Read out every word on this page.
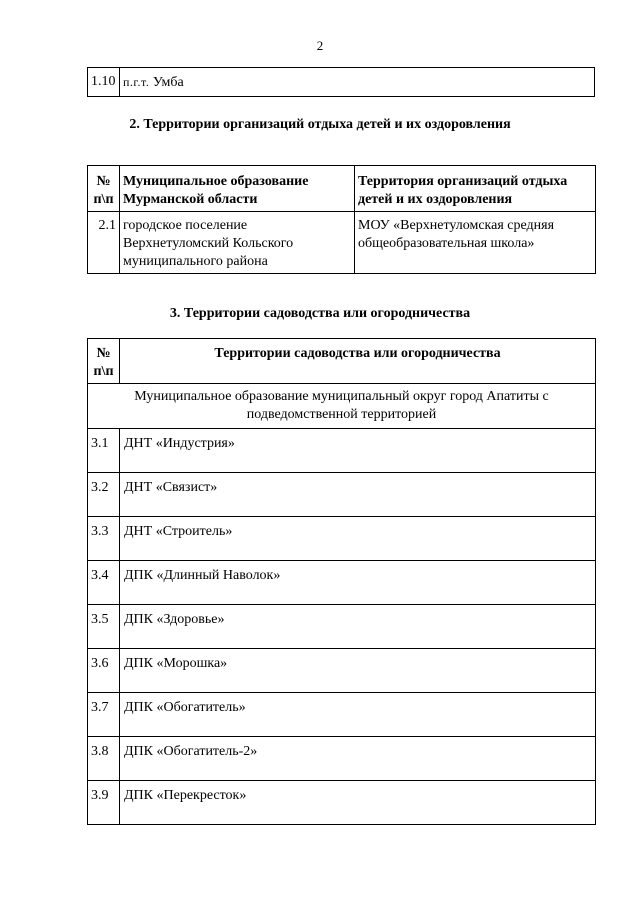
2
1.10	п.г.т. Умба
2. Территории организаций отдыха детей и их оздоровления
№ п\п	Муниципальное образование Мурманской области	Территория организаций отдыха детей и их оздоровления
2.1	городское поселение Верхнетуломский Кольского муниципального района	МОУ «Верхнетуломская средняя общеобразовательная школа»
3. Территории садоводства или огородничества
№ п\п	Территории садоводства или огородничества
Муниципальное образование муниципальный округ город Апатиты с подведомственной территорией	
3.1	ДНТ «Индустрия»
3.2	ДНТ «Связист»
3.3	ДНТ «Строитель»
3.4	ДПК «Длинный Наволок»
3.5	ДПК «Здоровье»
3.6	ДПК «Морошка»
3.7	ДПК «Обогатитель»
3.8	ДПК «Обогатитель-2»
3.9	ДПК «Перекресток»
